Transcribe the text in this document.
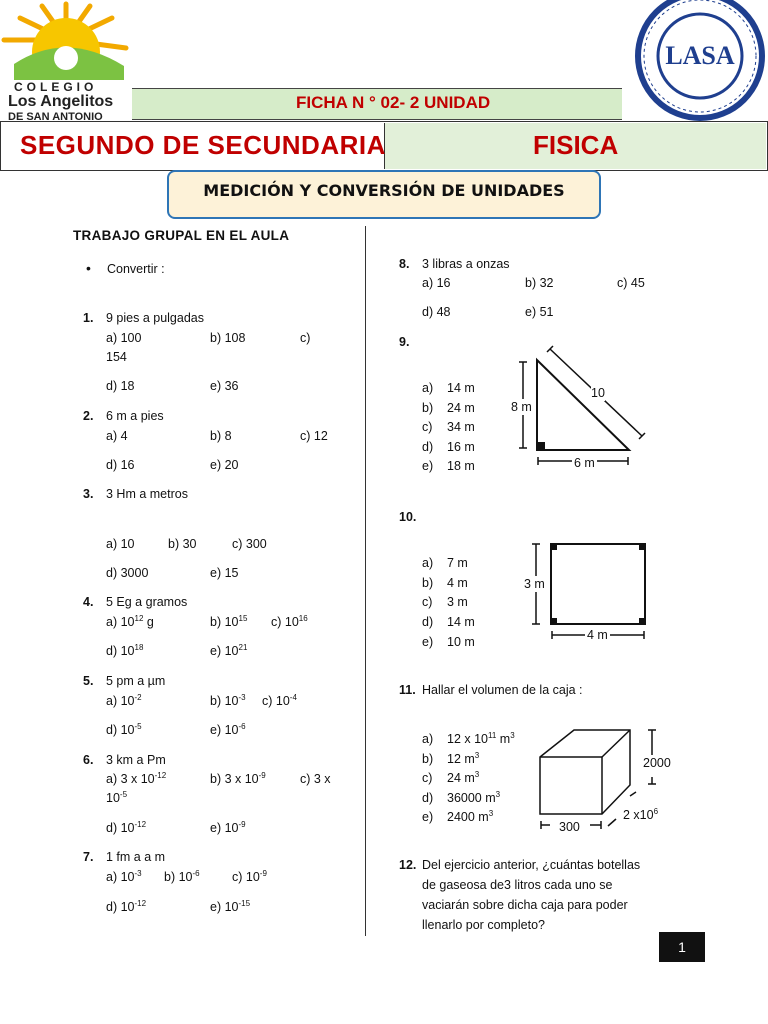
COLEGIO
Los Angelitos
DE SAN ANTONIO
LASA
FICHA N ° 02- 2 UNIDAD
SEGUNDO DE SECUNDARIA	FISICA
MEDICIÓN Y CONVERSIÓN DE UNIDADES
TRABAJO GRUPAL EN EL AULA
• Convertir :
1. 9 pies a pulgadas
a) 100	b) 108	c)
154
d) 18	e) 36
2. 6 m a pies
a) 4	b) 8	c) 12
d) 16	e) 20
3. 3 Hm a metros
a) 10	b) 30	c) 300
d) 3000	e) 15
4. 5 Eg a gramos
a) $10^{12}$ g	b) $10^{15}$ c) $10^{16}$
d) $10^{18}$	e) $10^{21}$
5. 5 pm a µm
a) $10^{-2}$	b) $10^{-3}$ c) $10^{-4}$
d) $10^{-5}$	e) $10^{-6}$
6. 3 km a Pm
a) 3 x $10^{-12}$	b) 3 x $10^{-9}$	c) 3 x
$10^{-5}$
d) $10^{-12}$	e) $10^{-9}$
7. 1 fm a a m
a) $10^{-3}$ b) $10^{-6}$	c) $10^{-9}$
d) $10^{-12}$	e) $10^{-15}$
8. 3 libras a onzas
a) 16	b) 32	c) 45
d) 48	e) 51
9.
a) 14 m
b) 24 m
c) 34 m
d) 16 m
e) 18 m
10
8 m
6 m
10.
a) 7 m
b) 4 m
c) 3 m
d) 14 m
e) 10 m
3 m
4 m
11. Hallar el volumen de la caja :
a) 12 x $10^{11}$ $m^3$
b) 12 $m^3$
c) 24 $m^3$
d) 36000 $m^3$
e) 2400 $m^3$
2000
300
2 $x10^6$
12. Del ejercicio anterior, ¿cuántas botellas
de gaseosa de3 litros cada uno se
vaciarán sobre dicha caja para poder
llenarlo por completo?
1
